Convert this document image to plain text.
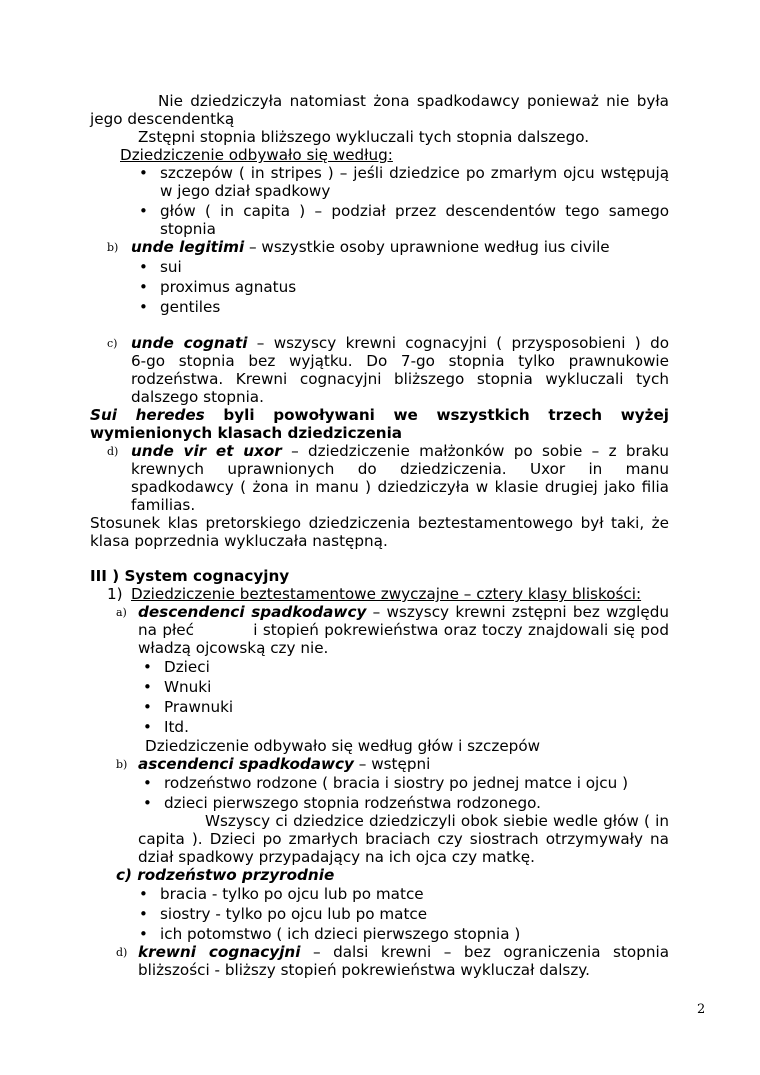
Nie dziedziczyła natomiast żona spadkodawcy ponieważ nie była
jego descendentką
Zstępni stopnia bliższego wykluczali tych stopnia dalszego.
Dziedziczenie odbywało się według:
• szczepów ( in stripes ) – jeśli dziedzice po zmarłym ojcu wstępują
w jego dział spadkowy
• głów ( in capita ) – podział przez descendentów tego samego
stopnia
b) unde legitimi – wszystkie osoby uprawnione według ius civile
• sui
• proximus agnatus
• gentiles
c) unde cognati – wszyscy krewni cognacyjni ( przysposobieni ) do
6-go stopnia bez wyjątku. Do 7-go stopnia tylko prawnukowie
rodzeństwa. Krewni cognacyjni bliższego stopnia wykluczali tych
dalszego stopnia.
Sui heredes byli powoływani we wszystkich trzech wyżej
wymienionych klasach dziedziczenia
d) unde vir et uxor – dziedziczenie małżonków po sobie – z braku
krewnych uprawnionych do dziedziczenia. Uxor in manu
spadkodawcy ( żona in manu ) dziedziczyła w klasie drugiej jako filia
familias.
Stosunek klas pretorskiego dziedziczenia beztestamentowego był taki, że
klasa poprzednia wykluczała następną.
III ) System cognacyjny
1) Dziedziczenie beztestamentowe zwyczajne – cztery klasy bliskości:
a) descendenci spadkodawcy – wszyscy krewni zstępni bez względu
na płeć           i stopień pokrewieństwa oraz toczy znajdowali się pod
władzą ojcowską czy nie.
• Dzieci
• Wnuki
• Prawnuki
• Itd.
Dziedziczenie odbywało się według głów i szczepów
b) ascendenci spadkodawcy – wstępni
• rodzeństwo rodzone ( bracia i siostry po jednej matce i ojcu )
• dzieci pierwszego stopnia rodzeństwa rodzonego.
Wszyscy ci dziedzice dziedziczyli obok siebie wedle głów ( in
capita ). Dzieci po zmarłych braciach czy siostrach otrzymywały na
dział spadkowy przypadający na ich ojca czy matkę.
c) rodzeństwo przyrodnie
• bracia - tylko po ojcu lub po matce
• siostry - tylko po ojcu lub po matce
• ich potomstwo ( ich dzieci pierwszego stopnia )
d) krewni cognacyjni – dalsi krewni – bez ograniczenia stopnia
bliższości - bliższy stopień pokrewieństwa wykluczał dalszy.
2
